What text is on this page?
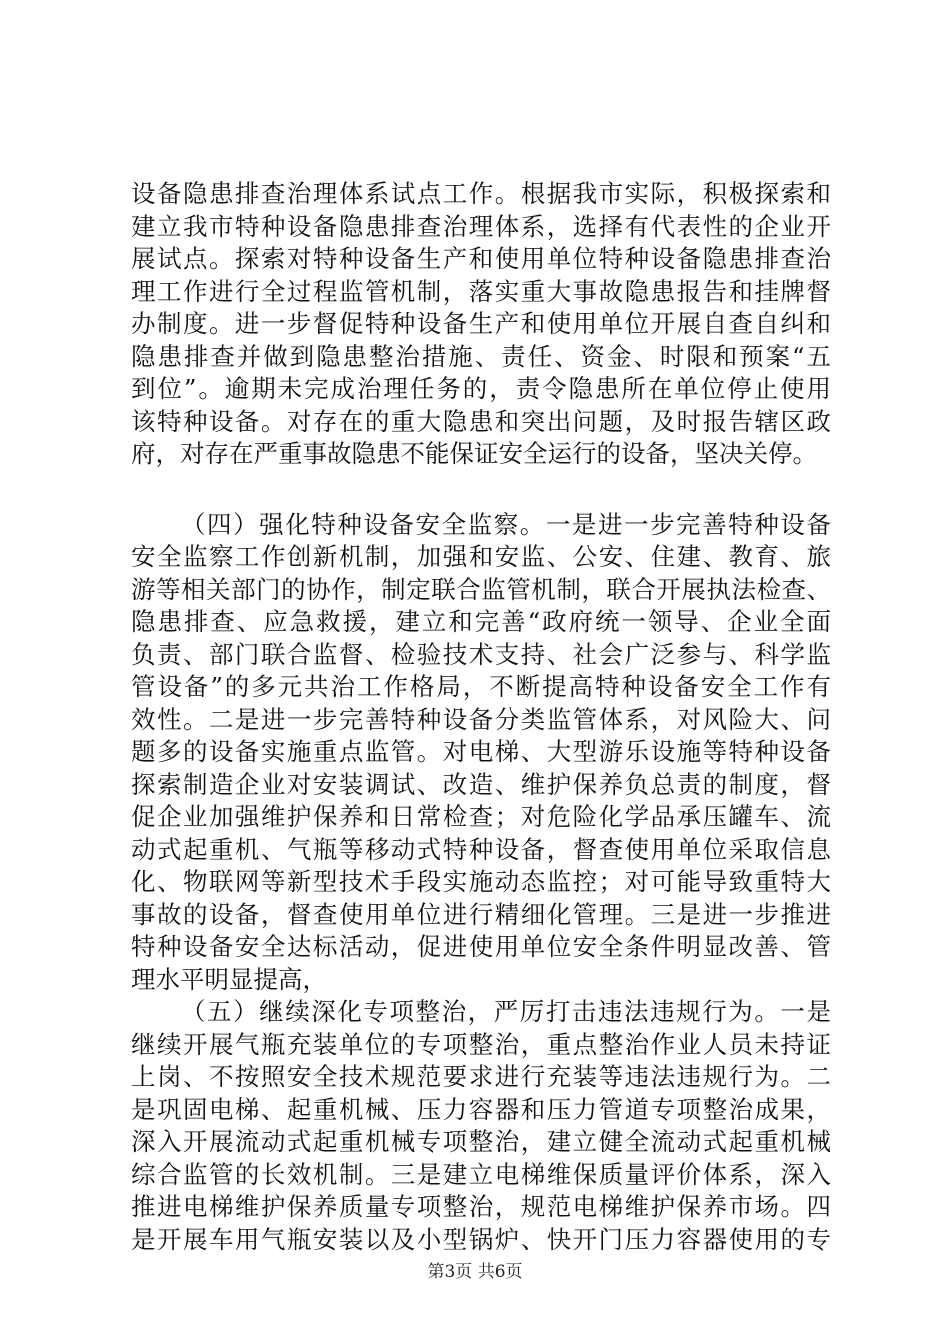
设备隐患排查治理体系试点工作。根据我市实际，积极探索和
建立我市特种设备隐患排查治理体系，选择有代表性的企业开
展试点。探索对特种设备生产和使用单位特种设备隐患排查治
理工作进行全过程监管机制，落实重大事故隐患报告和挂牌督
办制度。进一步督促特种设备生产和使用单位开展自查自纠和
隐患排查并做到隐患整治措施、责任、资金、时限和预案“五
到位”。逾期未完成治理任务的，责令隐患所在单位停止使用
该特种设备。对存在的重大隐患和突出问题，及时报告辖区政
府，对存在严重事故隐患不能保证安全运行的设备，坚决关停。
（四）强化特种设备安全监察。一是进一步完善特种设备
安全监察工作创新机制，加强和安监、公安、住建、教育、旅
游等相关部门的协作，制定联合监管机制，联合开展执法检查、
隐患排查、应急救援，建立和完善“政府统一领导、企业全面
负责、部门联合监督、检验技术支持、社会广泛参与、科学监
管设备”的多元共治工作格局，不断提高特种设备安全工作有
效性。二是进一步完善特种设备分类监管体系，对风险大、问
题多的设备实施重点监管。对电梯、大型游乐设施等特种设备
探索制造企业对安装调试、改造、维护保养负总责的制度，督
促企业加强维护保养和日常检查；对危险化学品承压罐车、流
动式起重机、气瓶等移动式特种设备，督查使用单位采取信息
化、物联网等新型技术手段实施动态监控；对可能导致重特大
事故的设备，督查使用单位进行精细化管理。三是进一步推进
特种设备安全达标活动，促进使用单位安全条件明显改善、管
理水平明显提高，
（五）继续深化专项整治，严厉打击违法违规行为。一是
继续开展气瓶充装单位的专项整治，重点整治作业人员未持证
上岗、不按照安全技术规范要求进行充装等违法违规行为。二
是巩固电梯、起重机械、压力容器和压力管道专项整治成果，
深入开展流动式起重机械专项整治，建立健全流动式起重机械
综合监管的长效机制。三是建立电梯维保质量评价体系，深入
推进电梯维护保养质量专项整治，规范电梯维护保养市场。四
是开展车用气瓶安装以及小型锅炉、快开门压力容器使用的专
第3页 共6页
